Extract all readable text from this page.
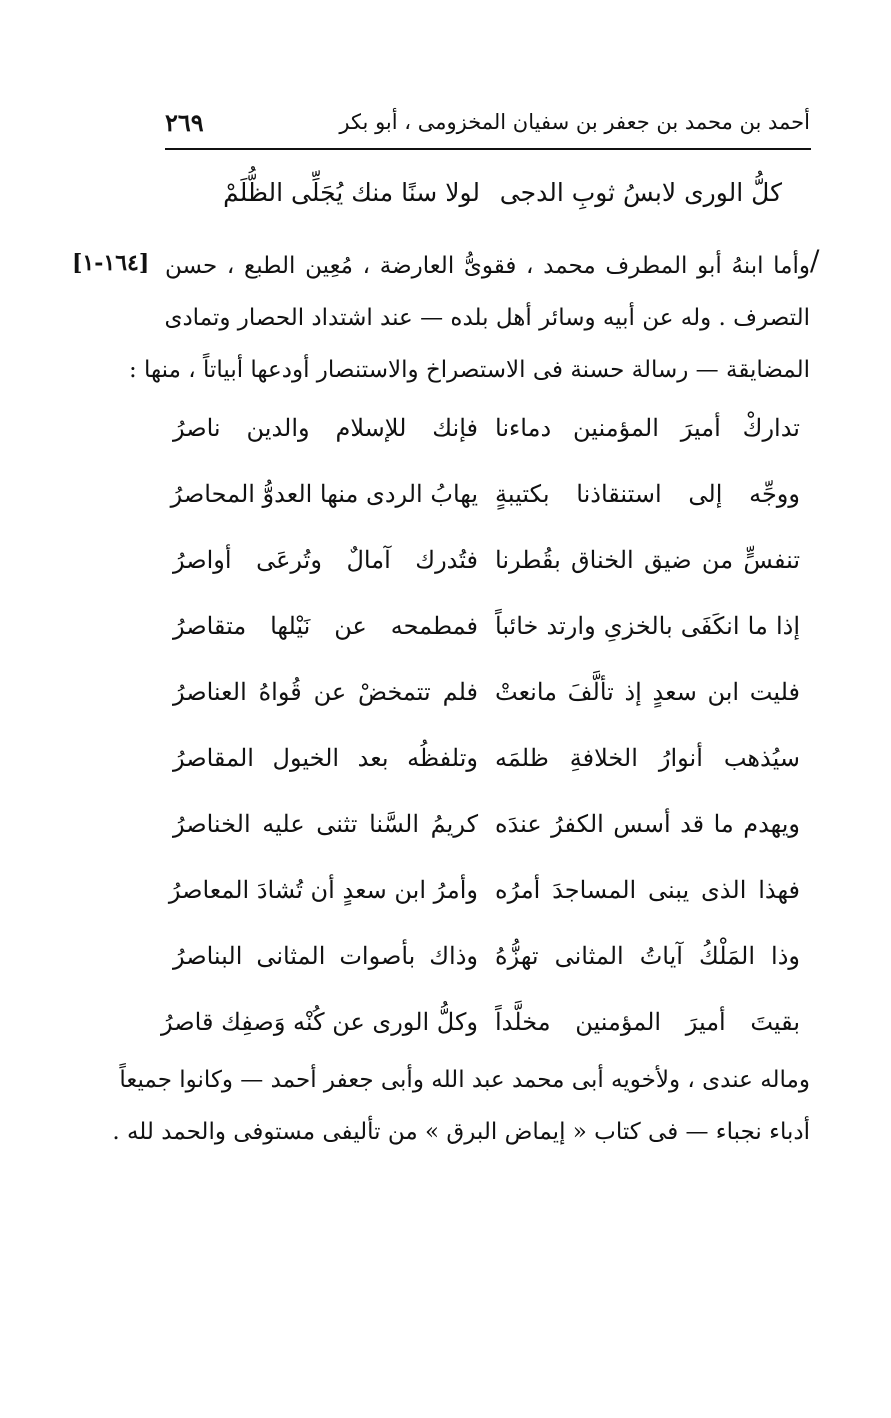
أحمد بن محمد بن جعفر بن سفيان المخزومى ، أبو بكر
٢٦٩
كلُّ الورى لابسُ ثوبِ الدجى
لولا سنًا منك يُجَلِّى الظُّلَمْ
/
[١٦٤-١] وأما ابنهُ أبو المطرف محمد ، فقوىُّ العارضة ، مُعِين الطبع ، حسن
التصرف . وله عن أبيه وسائر أهل بلده — عند اشتداد الحصار وتمادى
المضايقة — رسالة حسنة فى الاستصراخ والاستنصار أودعها أبياتاً ، منها :
تداركْ أميرَ المؤمنين دماءنا
فإنك للإسلام والدين ناصرُ
ووجِّه إلى استنقاذنا بكتيبةٍ
يهابُ الردى منها العدوُّ المحاصرُ
تنفسٍّ من ضيق الخناق بقُطرنا
فتُدرك آمالٌ وتُرعَى أواصرُ
إذا ما انكَفَى بالخزىِ وارتد خائباً
فمطمحه عن نَيْلها متقاصرُ
فليت ابن سعدٍ إذ تألَّفَ مانعتْ
فلم تتمخضْ عن قُواهُ العناصرُ
سيُذهب أنوارُ الخلافةِ ظلمَه
وتلفظُه بعد الخيول المقاصرُ
ويهدم ما قد أسس الكفرُ عندَه
كريمُ السَّنا تثنى عليه الخناصرُ
فهذا الذى يبنى المساجدَ أمرُه
وأمرُ ابن سعدٍ أن تُشادَ المعاصرُ
وذا المَلْكُ آياتُ المثانى تهزُّهُ
وذاك بأصوات المثانى البناصرُ
بقيتَ أميرَ المؤمنين مخلَّداً
وكلُّ الورى عن كُنْه وَصفِك قاصرُ
وماله عندى ، ولأخويه أبى محمد عبد الله وأبى جعفر أحمد — وكانوا جميعاً
أدباء نجباء — فى كتاب « إيماض البرق » من تأليفى مستوفى والحمد لله .
